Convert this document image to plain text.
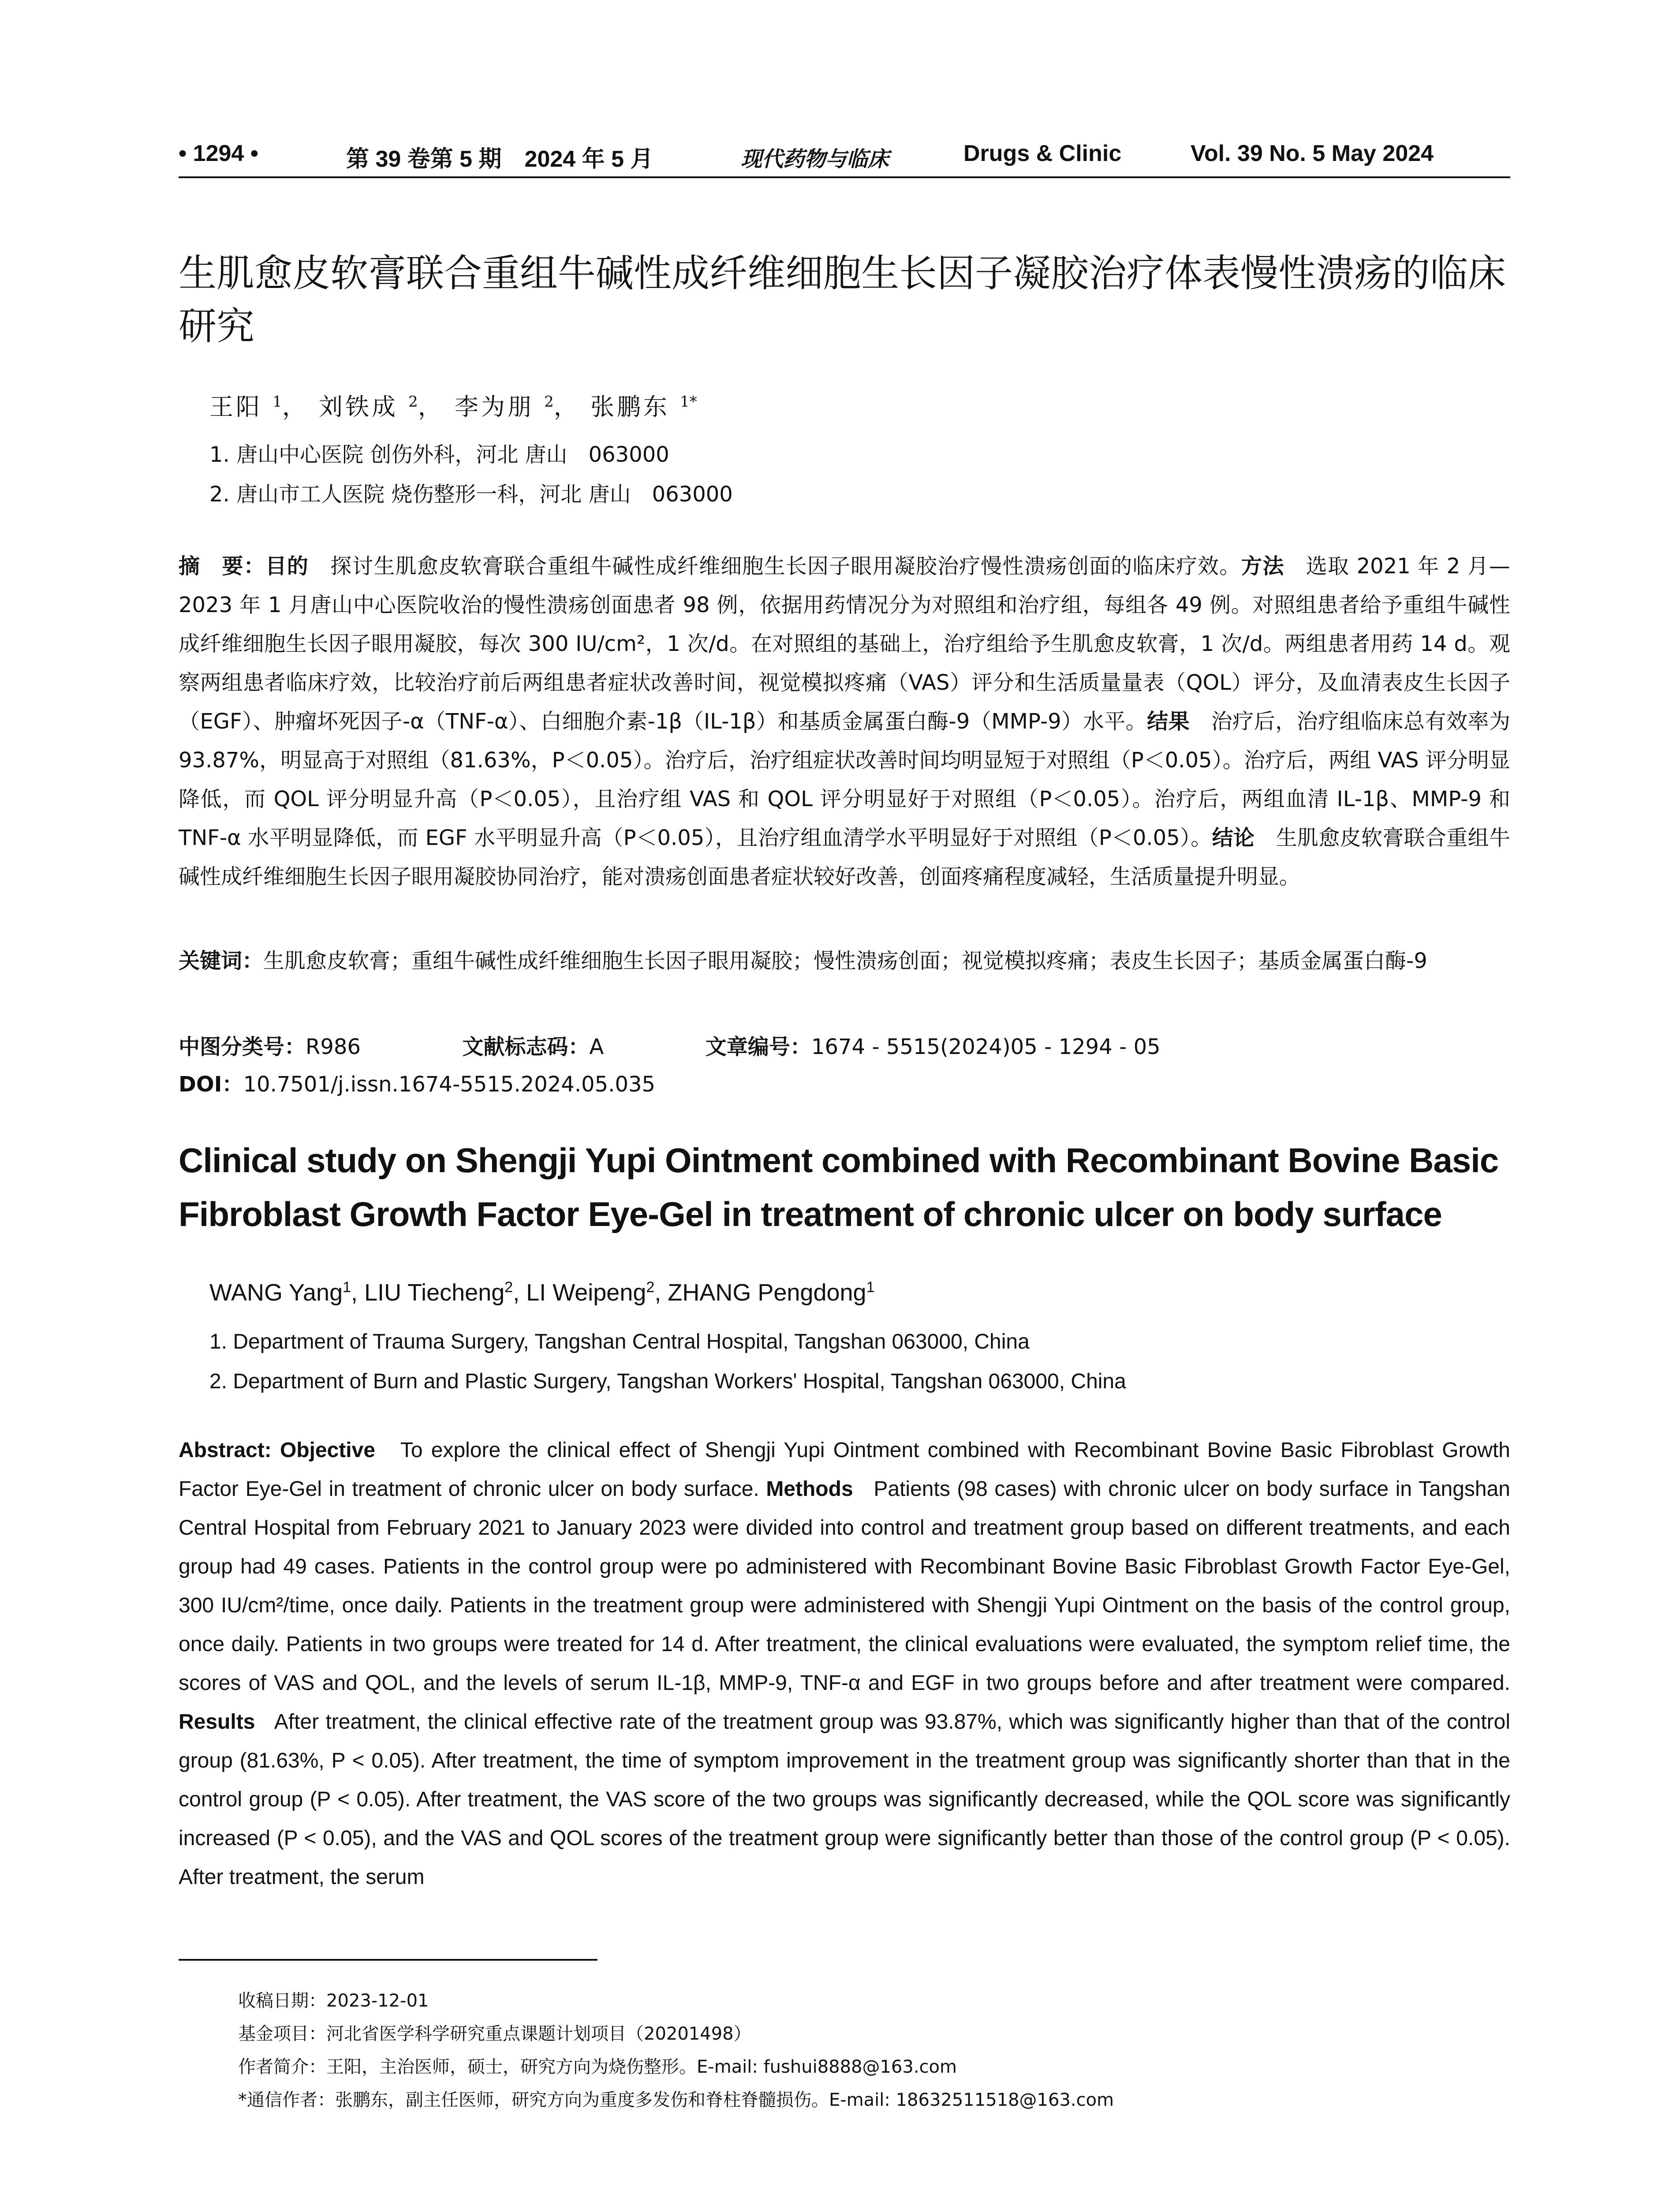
• 1294 •	第 39 卷第 5 期　2024 年 5 月	现代药物与临床	Drugs & Clinic	Vol. 39 No. 5 May 2024
生肌愈皮软膏联合重组牛碱性成纤维细胞生长因子凝胶治疗体表慢性溃疡的临床研究
王阳 $^1$， 刘铁成 $^2$， 李为朋 $^2$， 张鹏东 $^{1*}$
1. 唐山中心医院 创伤外科，河北 唐山　063000
2. 唐山市工人医院 烧伤整形一科，河北 唐山　063000
摘　要：目的　 探讨生肌愈皮软膏联合重组牛碱性成纤维细胞生长因子眼用凝胶治疗慢性溃疡创面的临床疗效。方法　 选取 2021 年 2 月—2023 年 1 月唐山中心医院收治的慢性溃疡创面患者 98 例，依据用药情况分为对照组和治疗组，每组各 49 例。对照组患者给予重组牛碱性成纤维细胞生长因子眼用凝胶，每次 300 IU/cm²，1 次/d。在对照组的基础上，治疗组给予生肌愈皮软膏，1 次/d。两组患者用药 14 d。观察两组患者临床疗效，比较治疗前后两组患者症状改善时间，视觉模拟疼痛（VAS）评分和生活质量量表（QOL）评分，及血清表皮生长因子（EGF）、肿瘤坏死因子-α（TNF-α）、白细胞介素-1β（IL-1β）和基质金属蛋白酶-9（MMP-9）水平。结果　 治疗后，治疗组临床总有效率为 93.87%，明显高于对照组（81.63%，P＜0.05）。治疗后，治疗组症状改善时间均明显短于对照组（P＜0.05）。治疗后，两组 VAS 评分明显降低，而 QOL 评分明显升高（P＜0.05），且治疗组 VAS 和 QOL 评分明显好于对照组（P＜0.05）。治疗后，两组血清 IL-1β、MMP-9 和 TNF-α 水平明显降低，而 EGF 水平明显升高（P＜0.05），且治疗组血清学水平明显好于对照组（P＜0.05）。结论　 生肌愈皮软膏联合重组牛碱性成纤维细胞生长因子眼用凝胶协同治疗，能对溃疡创面患者症状较好改善，创面疼痛程度减轻，生活质量提升明显。
关键词：生肌愈皮软膏；重组牛碱性成纤维细胞生长因子眼用凝胶；慢性溃疡创面；视觉模拟疼痛；表皮生长因子；基质金属蛋白酶-9
中图分类号：R986	文献标志码：A	文章编号：1674 - 5515(2024)05 - 1294 - 05
DOI：10.7501/j.issn.1674-5515.2024.05.035
Clinical study on Shengji Yupi Ointment combined with Recombinant Bovine Basic Fibroblast Growth Factor Eye-Gel in treatment of chronic ulcer on body surface
WANG Yang$^1$, LIU Tiecheng$^2$, LI Weipeng$^2$, ZHANG Pengdong$^1$
1. Department of Trauma Surgery, Tangshan Central Hospital, Tangshan 063000, China
2. Department of Burn and Plastic Surgery, Tangshan Workers' Hospital, Tangshan 063000, China
Abstract: Objective To explore the clinical effect of Shengji Yupi Ointment combined with Recombinant Bovine Basic Fibroblast Growth Factor Eye-Gel in treatment of chronic ulcer on body surface. Methods Patients (98 cases) with chronic ulcer on body surface in Tangshan Central Hospital from February 2021 to January 2023 were divided into control and treatment group based on different treatments, and each group had 49 cases. Patients in the control group were po administered with Recombinant Bovine Basic Fibroblast Growth Factor Eye-Gel, 300 IU/cm²/time, once daily. Patients in the treatment group were administered with Shengji Yupi Ointment on the basis of the control group, once daily. Patients in two groups were treated for 14 d. After treatment, the clinical evaluations were evaluated, the symptom relief time, the scores of VAS and QOL, and the levels of serum IL-1β, MMP-9, TNF-α and EGF in two groups before and after treatment were compared. Results After treatment, the clinical effective rate of the treatment group was 93.87%, which was significantly higher than that of the control group (81.63%, P < 0.05). After treatment, the time of symptom improvement in the treatment group was significantly shorter than that in the control group (P < 0.05). After treatment, the VAS score of the two groups was significantly decreased, while the QOL score was significantly increased (P < 0.05), and the VAS and QOL scores of the treatment group were significantly better than those of the control group (P < 0.05). After treatment, the serum
收稿日期：2023-12-01
基金项目：河北省医学科学研究重点课题计划项目（20201498）
作者简介：王阳，主治医师，硕士，研究方向为烧伤整形。E-mail: fushui8888@163.com
*通信作者：张鹏东，副主任医师，研究方向为重度多发伤和脊柱脊髓损伤。E-mail: 18632511518@163.com
